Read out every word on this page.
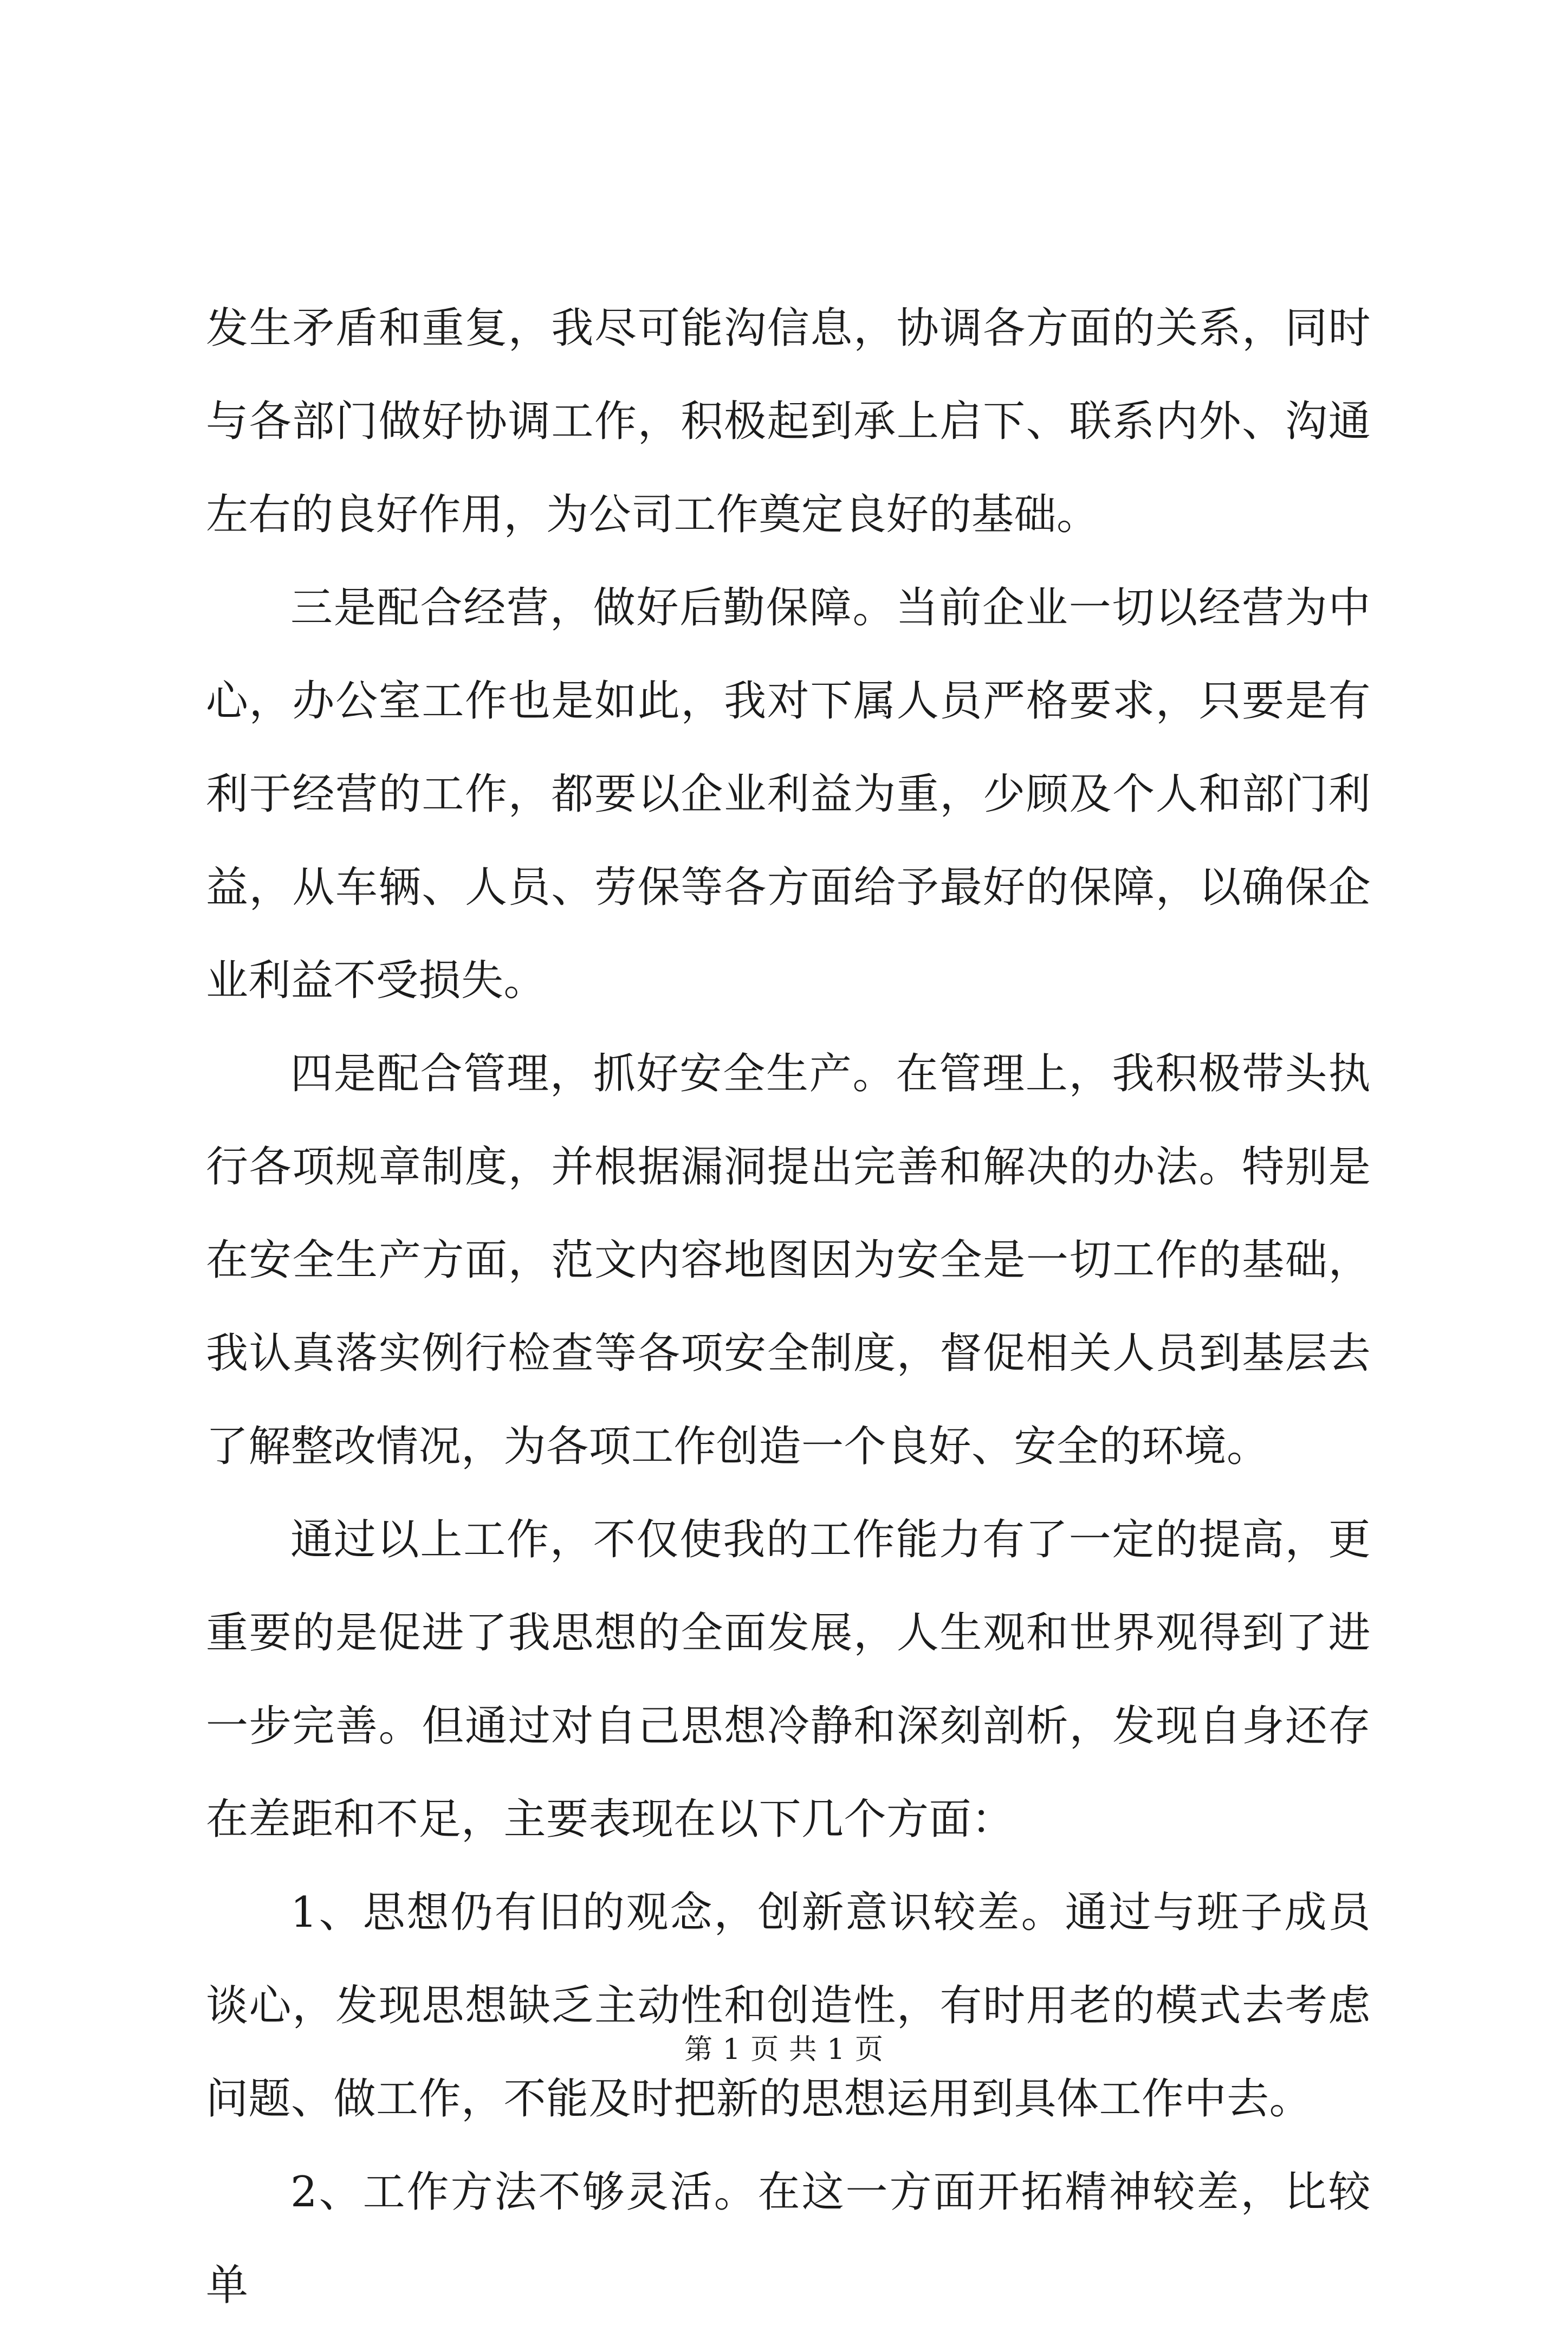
发生矛盾和重复，我尽可能沟信息，协调各方面的关系，同时与各部门做好协调工作，积极起到承上启下、联系内外、沟通左右的良好作用，为公司工作奠定良好的基础。

三是配合经营，做好后勤保障。当前企业一切以经营为中心，办公室工作也是如此，我对下属人员严格要求，只要是有利于经营的工作，都要以企业利益为重，少顾及个人和部门利益，从车辆、人员、劳保等各方面给予最好的保障，以确保企业利益不受损失。

四是配合管理，抓好安全生产。在管理上，我积极带头执行各项规章制度，并根据漏洞提出完善和解决的办法。特别是在安全生产方面，范文内容地图因为安全是一切工作的基础，我认真落实例行检查等各项安全制度，督促相关人员到基层去了解整改情况，为各项工作创造一个良好、安全的环境。

通过以上工作，不仅使我的工作能力有了一定的提高，更重要的是促进了我思想的全面发展，人生观和世界观得到了进一步完善。但通过对自己思想冷静和深刻剖析，发现自身还存在差距和不足，主要表现在以下几个方面：

1、思想仍有旧的观念，创新意识较差。通过与班子成员谈心，发现思想缺乏主动性和创造性，有时用老的模式去考虑问题、做工作，不能及时把新的思想运用到具体工作中去。

2、工作方法不够灵活。在这一方面开拓精神较差，比较单

第 1 页 共 1 页
